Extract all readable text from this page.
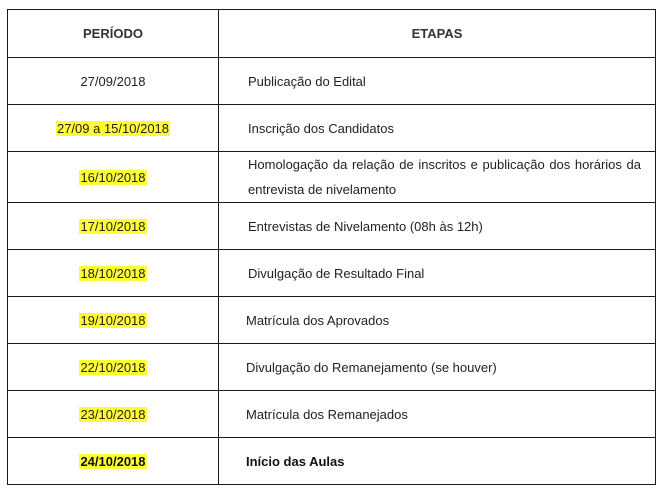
PERÍODO	ETAPAS
27/09/2018	Publicação do Edital

27/09 a 15/10/2018	Inscrição dos Candidatos

16/10/2018	Homologação da relação de inscritos e publicação dos horários da entrevista de nivelamento

17/10/2018	Entrevistas de Nivelamento (08h às 12h)

18/10/2018	Divulgação de Resultado Final

19/10/2018	Matrícula dos Aprovados

22/10/2018	Divulgação do Remanejamento (se houver)

23/10/2018	Matrícula dos Remanejados

24/10/2018	Início das Aulas
